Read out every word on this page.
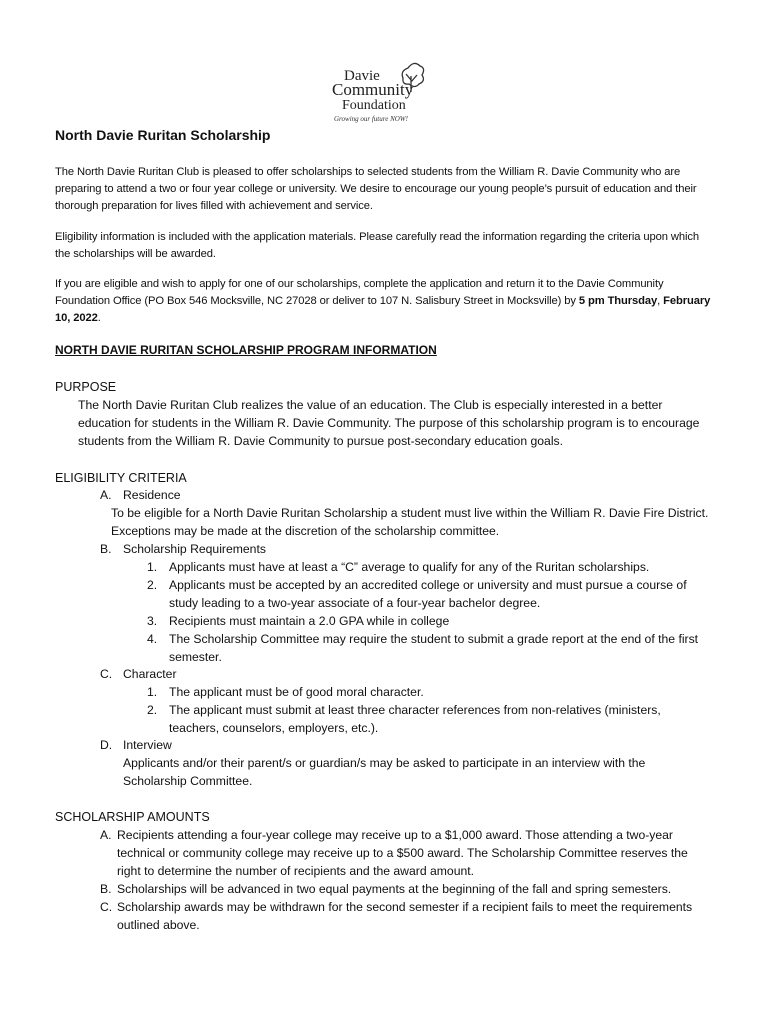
Davie
Community
Foundation
Growing our future NOW!
North Davie Ruritan Scholarship

The North Davie Ruritan Club is pleased to offer scholarships to selected students from the William R. Davie Community who are preparing to attend a two or four year college or university. We desire to encourage our young people’s pursuit of education and their thorough preparation for lives filled with achievement and service.

Eligibility information is included with the application materials. Please carefully read the information regarding the criteria upon which the scholarships will be awarded.

If you are eligible and wish to apply for one of our scholarships, complete the application and return it to the Davie Community Foundation Office (PO Box 546 Mocksville, NC 27028 or deliver to 107 N. Salisbury Street in Mocksville) by 5 pm Thursday, February 10, 2022.

NORTH DAVIE RURITAN SCHOLARSHIP PROGRAM INFORMATION

PURPOSE

The North Davie Ruritan Club realizes the value of an education. The Club is especially interested in a better education for students in the William R. Davie Community. The purpose of this scholarship program is to encourage students from the William R. Davie Community to pursue post-secondary education goals.

ELIGIBILITY CRITERIA

A. Residence

To be eligible for a North Davie Ruritan Scholarship a student must live within the William R. Davie Fire District. Exceptions may be made at the discretion of the scholarship committee.

B. Scholarship Requirements
1. Applicants must have at least a “C” average to qualify for any of the Ruritan scholarships.

2. Applicants must be accepted by an accredited college or university and must pursue a course of study leading to a two-year associate of a four-year bachelor degree.

3. Recipients must maintain a 2.0 GPA while in college

4. The Scholarship Committee may require the student to submit a grade report at the end of the first semester.

C. Character
1. The applicant must be of good moral character.

2. The applicant must submit at least three character references from non-relatives (ministers, teachers, counselors, employers, etc.).

D. Interview

Applicants and/or their parent/s or guardian/s may be asked to participate in an interview with the Scholarship Committee.

SCHOLARSHIP AMOUNTS

A. Recipients attending a four-year college may receive up to a $1,000 award. Those attending a two-year technical or community college may receive up to a $500 award. The Scholarship Committee reserves the right to determine the number of recipients and the award amount.

B. Scholarships will be advanced in two equal payments at the beginning of the fall and spring semesters.

C. Scholarship awards may be withdrawn for the second semester if a recipient fails to meet the requirements outlined above.
